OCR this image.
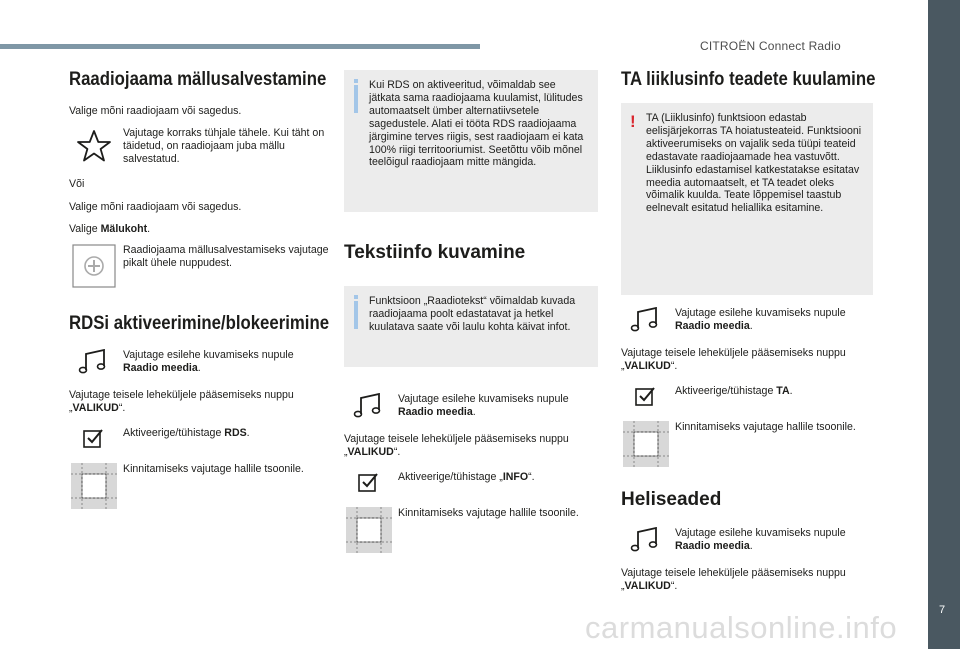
CITROËN Connect Radio
■
7
carmanualsonline.info
Raadiojaama mällusalvestamine

Valige mõni raadiojaam või sagedus.

Vajutage korraks tühjale tähele. Kui täht on täidetud, on raadiojaam juba mällu salvestatud.

Või

Valige mõni raadiojaam või sagedus.

Valige Mälukoht.

Raadiojaama mällusalvestamiseks vajutage pikalt ühele nuppudest.

RDSi aktiveerimine/blokeerimine

Vajutage esilehe kuvamiseks nupule Raadio meedia.

Vajutage teisele leheküljele pääsemiseks nuppu „VALIKUD“.

Aktiveerige/tühistage RDS.

Kinnitamiseks vajutage hallile tsoonile.

Kui RDS on aktiveeritud, võimaldab see jätkata sama raadiojaama kuulamist, lülitudes automaatselt ümber alternatiivsetele sagedustele. Alati ei tööta RDS raadiojaama järgimine terves riigis, sest raadiojaam ei kata 100% riigi territooriumist. Seetõttu võib mõnel teelõigul raadiojaam mitte mängida.

Tekstiinfo kuvamine

Funktsioon „Raadiotekst“ võimaldab kuvada raadiojaama poolt edastatavat ja hetkel kuulatava saate või laulu kohta käivat infot.

Vajutage esilehe kuvamiseks nupule Raadio meedia.

Vajutage teisele leheküljele pääsemiseks nuppu „VALIKUD“.

Aktiveerige/tühistage „INFO“.

Kinnitamiseks vajutage hallile tsoonile.

TA liiklusinfo teadete kuulamine
! TA (Liiklusinfo) funktsioon edastab eelisjärjekorras TA hoiatusteateid. Funktsiooni aktiveerumiseks on vajalik seda tüüpi teateid edastavate raadiojaamade hea vastuvõtt. Liiklusinfo edastamisel katkestatakse esitatav meedia automaatselt, et TA teadet oleks võimalik kuulda. Teate lõppemisel taastub eelnevalt esitatud heliallika esitamine.

Vajutage esilehe kuvamiseks nupule Raadio meedia.

Vajutage teisele leheküljele pääsemiseks nuppu „VALIKUD“.

Aktiveerige/tühistage TA.

Kinnitamiseks vajutage hallile tsoonile.

Heliseaded

Vajutage esilehe kuvamiseks nupule Raadio meedia.

Vajutage teisele leheküljele pääsemiseks nuppu „VALIKUD“.
